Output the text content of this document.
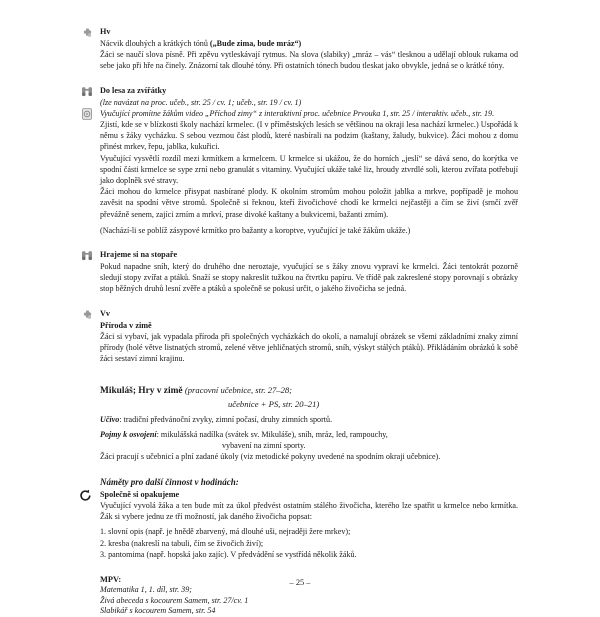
Hv

Nácvik dlouhých a krátkých tónů („Bude zima, bude mráz“)

Žáci se naučí slova písně. Při zpěvu vytleskávají rytmus. Na slova (slabiky) „mráz – vás“ tlesknou a udělají oblouk rukama od sebe jako při hře na činely. Znázorní tak dlouhé tóny. Při ostatních tónech budou tleskat jako obvykle, jedná se o krátké tóny.

Do lesa za zvířátky

(lze navázat na proc. učeb., str. 25 / cv. 1; učeb., str. 19 / cv. 1)

Vyučující promítne žákům video „Příchod zimy“ z interaktivní proc. učebnice Prvouka 1, str. 25 / interaktiv. učeb., str. 19.

Zjistí, kde se v blízkosti školy nachází krmelec. (I v příměstských lesích se většinou na okraji lesa nachází krmelec.) Uspořádá k němu s žáky vycházku. S sebou vezmou část plodů, které nasbírali na podzim (kaštany, žaludy, bukvice). Žáci mohou z domu přinést mrkev, řepu, jablka, kukuřici.

Vyučující vysvětlí rozdíl mezi krmítkem a krmelcem. U krmelce si ukážou, že do horních „jeslí“ se dává seno, do korýtka ve spodní části krmelce se sype zrní nebo granulát s vitaminy. Vyučující ukáže také liz, hroudy ztvrdlé soli, kterou zvířata potřebují jako doplněk své stravy.

Žáci mohou do krmelce přisypat nasbírané plody. K okolním stromům mohou položit jablka a mrkve, popřípadě je mohou zavěsit na spodní větve stromů. Společně si řeknou, kteří živočichové chodí ke krmelci nejčastěji a čím se živí (srnčí zvěř převážně senem, zajíci zrním a mrkví, prase divoké kaštany a bukvicemi, bažanti zrním).

(Nachází-li se poblíž zásypové krmítko pro bažanty a koroptve, vyučující je také žákům ukáže.)

Hrajeme si na stopaře

Pokud napadne sníh, který do druhého dne neroztaje, vyučující se s žáky znovu vypraví ke krmelci. Žáci tentokrát pozorně sledují stopy zvířat a ptáků. Snaží se stopy nakreslit tužkou na čtvrtku papíru. Ve třídě pak zakreslené stopy porovnají s obrázky stop běžných druhů lesní zvěře a ptáků a společně se pokusí určit, o jakého živočicha se jedná.

Vv
Příroda v zimě

Žáci si vybaví, jak vypadala příroda při společných vycházkách do okolí, a namalují obrázek se všemi základními znaky zimní přírody (holé větve listnatých stromů, zelené větve jehličnatých stromů, sníh, výskyt stálých ptáků). Přikládáním obrázků k sobě žáci sestaví zimní krajinu.

Mikuláš; Hry v zimě (pracovní učebnice, str. 27–28;

učebnice + PS, str. 20–21)

Učivo: tradiční předvánoční zvyky, zimní počasí, druhy zimních sportů.

Pojmy k osvojení: mikulášská nadílka (svátek sv. Mikuláše), sníh, mráz, led, rampouchy,

vybavení na zimní sporty.

Žáci pracují s učebnicí a plní zadané úkoly (viz metodické pokyny uvedené na spodním okraji učebnice).

Náměty pro další činnost v hodinách:

Společně si opakujeme

Vyučující vyvolá žáka a ten bude mít za úkol předvést ostatním stálého živočicha, kterého lze spatřit u krmelce nebo krmítka. Žák si vybere jednu ze tří možností, jak daného živočicha popsat:

1. slovní opis (např. je hnědě zbarvený, má dlouhé uši, nejraději žere mrkev);
2. kresba (nakreslí na tabuli, čím se živočich živí);
3. pantomima (např. hopská jako zajíc). V předvádění se vystřídá několik žáků.

MPV:

Matematika 1, 1. díl, str. 39;

Živá abeceda s kocourem Samem, str. 27/cv. 1

Slabikář s kocourem Samem, str. 54

– 25 –
